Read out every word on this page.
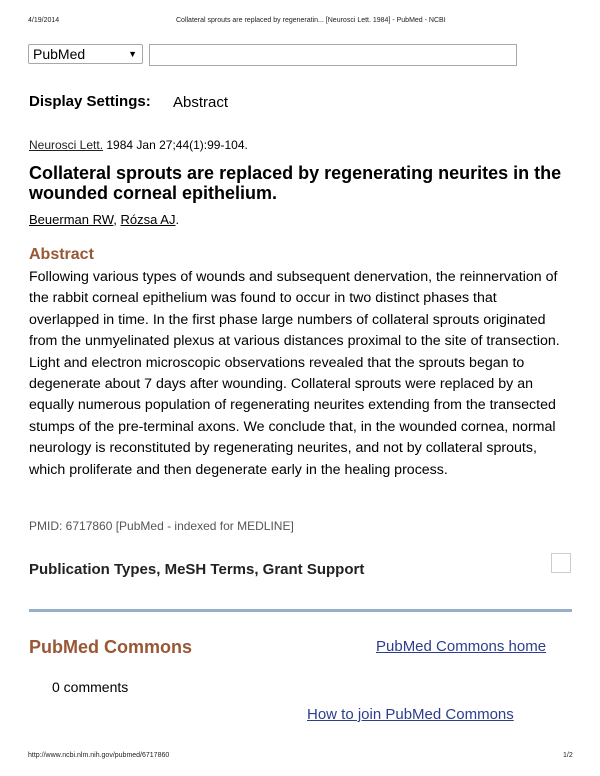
4/19/2014	Collateral sprouts are replaced by regeneratin... [Neurosci Lett. 1984] - PubMed - NCBI
PubMed	▼
Display Settings: Abstract
Neurosci Lett. 1984 Jan 27;44(1):99-104.
Collateral sprouts are replaced by regenerating neurites in the wounded corneal epithelium.
Beuerman RW, Rózsa AJ.
Abstract
Following various types of wounds and subsequent denervation, the reinnervation of the rabbit corneal epithelium was found to occur in two distinct phases that overlapped in time. In the first phase large numbers of collateral sprouts originated from the unmyelinated plexus at various distances proximal to the site of transection. Light and electron microscopic observations revealed that the sprouts began to degenerate about 7 days after wounding. Collateral sprouts were replaced by an equally numerous population of regenerating neurites extending from the transected stumps of the pre-terminal axons. We conclude that, in the wounded cornea, normal neurology is reconstituted by regenerating neurites, and not by collateral sprouts, which proliferate and then degenerate early in the healing process.
PMID: 6717860 [PubMed - indexed for MEDLINE]
Publication Types, MeSH Terms, Grant Support
PubMed Commons	PubMed Commons home
0 comments
How to join PubMed Commons
http://www.ncbi.nlm.nih.gov/pubmed/6717860	1/2
